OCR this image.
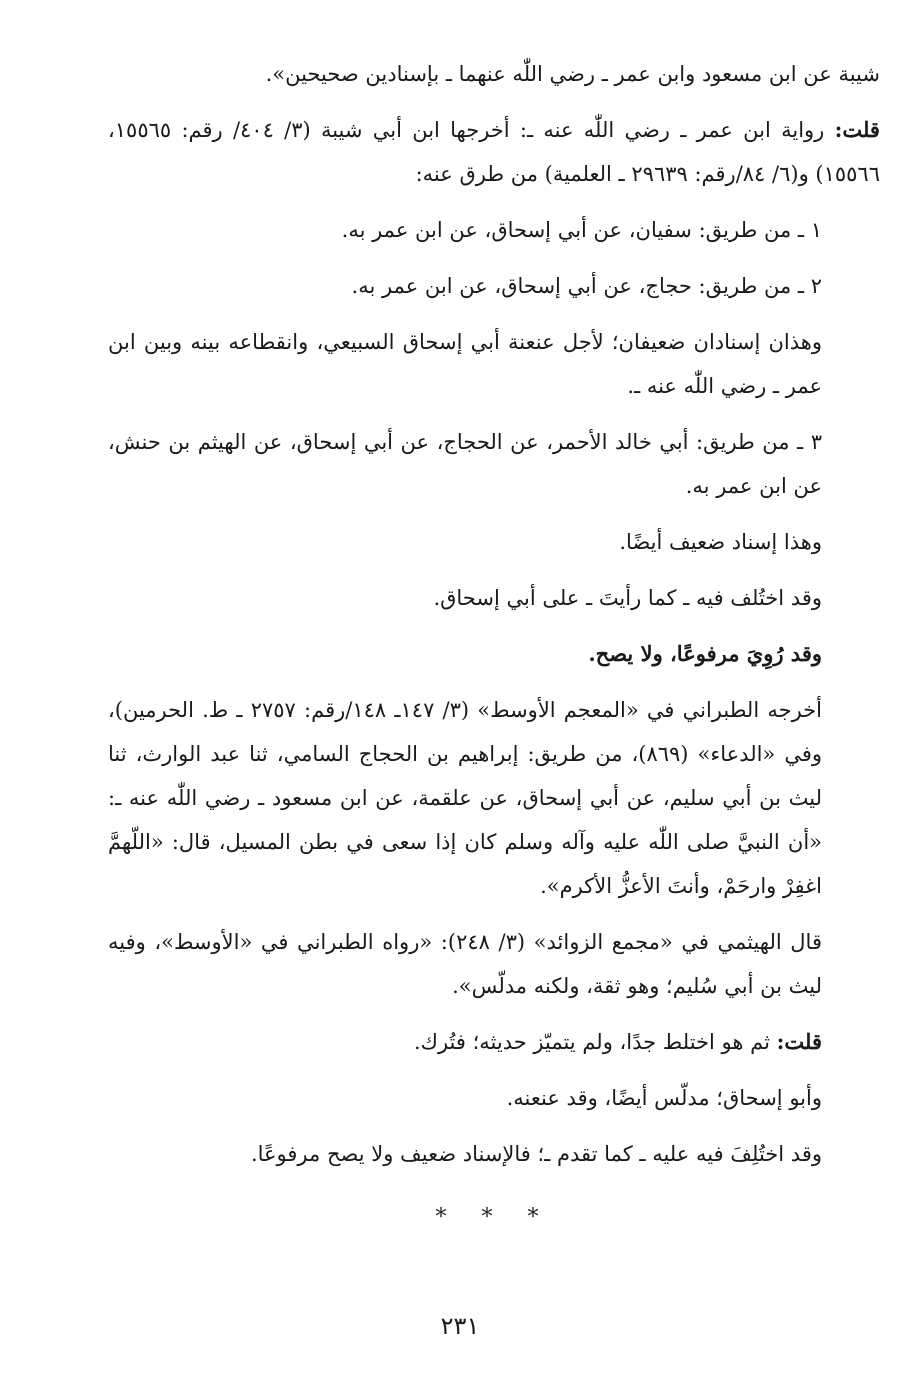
شيبة عن ابن مسعود وابن عمر ـ رضي اللّٰه عنهما ـ بإسنادين صحيحين».

قلت: رواية ابن عمر ـ رضي اللّٰه عنه ـ: أخرجها ابن أبي شيبة (٣/ ٤٠٤/ رقم: ١٥٥٦٥، ١٥٥٦٦) و(٦/ ٨٤/رقم: ٢٩٦٣٩ ـ العلمية) من طرق عنه:

١ ـ من طريق: سفيان، عن أبي إسحاق، عن ابن عمر به.

٢ ـ من طريق: حجاج، عن أبي إسحاق، عن ابن عمر به.

وهذان إسنادان ضعيفان؛ لأجل عنعنة أبي إسحاق السبيعي، وانقطاعه بينه وبين ابن عمر ـ رضي اللّٰه عنه ـ.

٣ ـ من طريق: أبي خالد الأحمر، عن الحجاج، عن أبي إسحاق، عن الهيثم بن حنش، عن ابن عمر به.

وهذا إسناد ضعيف أيضًا.

وقد اختُلف فيه ـ كما رأيتَ ـ على أبي إسحاق.

وقد رُوِيَ مرفوعًا، ولا يصح.

أخرجه الطبراني في «المعجم الأوسط» (٣/ ١٤٧ـ ١٤٨/رقم: ٢٧٥٧ ـ ط. الحرمين)، وفي «الدعاء» (٨٦٩)، من طريق: إبراهيم بن الحجاج السامي، ثنا عبد الوارث، ثنا ليث بن أبي سليم، عن أبي إسحاق، عن علقمة، عن ابن مسعود ـ رضي اللّٰه عنه ـ: «أن النبيَّ صلى اللّٰه عليه وآله وسلم كان إذا سعى في بطن المسيل، قال: «اللّهمَّ اغفِرْ وارحَمْ، وأنتَ الأعزُّ الأكرم».

قال الهيثمي في «مجمع الزوائد» (٣/ ٢٤٨): «رواه الطبراني في «الأوسط»، وفيه ليث بن أبي سُليم؛ وهو ثقة، ولكنه مدلّس».

قلت: ثم هو اختلط جدًا، ولم يتميّز حديثه؛ فتُرك.

وأبو إسحاق؛ مدلّس أيضًا، وقد عنعنه.

وقد اختُلِفَ فيه عليه ـ كما تقدم ـ؛ فالإسناد ضعيف ولا يصح مرفوعًا.

* * *
٢٣١
